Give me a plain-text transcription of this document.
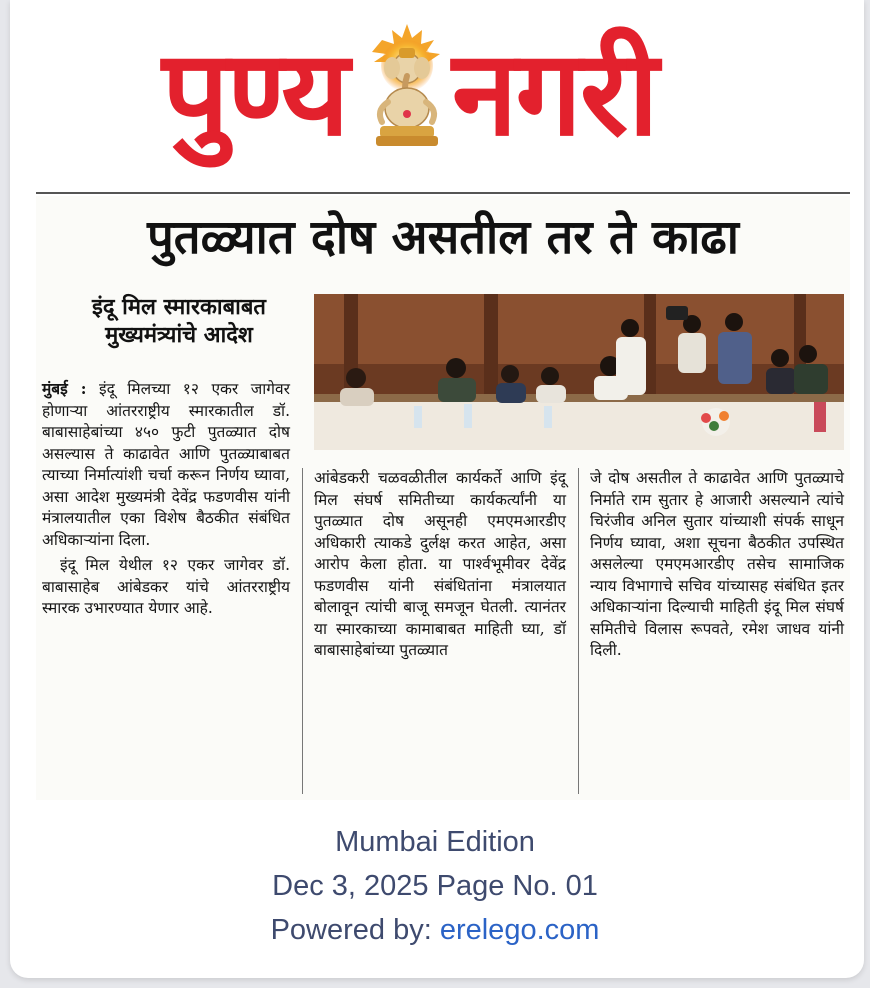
पुण्य नगरी
पुतळ्यात दोष असतील तर ते काढा
इंदू मिल स्मारकाबाबत
मुख्यमंत्र्यांचे आदेश

मुंबई : इंदू मिलच्या १२ एकर जागेवर होणाऱ्या आंतरराष्ट्रीय स्मारकातील डॉ. बाबासाहेबांच्या ४५० फुटी पुतळ्यात दोष असल्यास ते काढावेत आणि पुतळ्याबाबत त्याच्या निर्मात्यांशी चर्चा करून निर्णय घ्यावा, असा आदेश मुख्यमंत्री देवेंद्र फडणवीस यांनी मंत्रालयातील एका विशेष बैठकीत संबंधित अधिकाऱ्यांना दिला.

इंदू मिल येथील १२ एकर जागेवर डॉ. बाबासाहेब आंबेडकर यांचे आंतरराष्ट्रीय स्मारक उभारण्यात येणार आहे.

आंबेडकरी चळवळीतील कार्यकर्ते आणि इंदू मिल संघर्ष समितीच्या कार्यकर्त्यांनी या पुतळ्यात दोष असूनही एमएमआरडीए अधिकारी त्याकडे दुर्लक्ष करत आहेत, असा आरोप केला होता. या पार्श्वभूमीवर देवेंद्र फडणवीस यांनी संबंधितांना मंत्रालयात बोलावून त्यांची बाजू समजून घेतली. त्यानंतर या स्मारकाच्या कामाबाबत माहिती घ्या, डॉ बाबासाहेबांच्या पुतळ्यात
जे दोष असतील ते काढावेत आणि पुतळ्याचे निर्माते राम सुतार हे आजारी असल्याने त्यांचे चिरंजीव अनिल सुतार यांच्याशी संपर्क साधून निर्णय घ्यावा, अशा सूचना बैठकीत उपस्थित असलेल्या एमएमआरडीए तसेच सामाजिक न्याय विभागाचे सचिव यांच्यासह संबंधित इतर अधिकाऱ्यांना दिल्याची माहिती इंदू मिल संघर्ष समितीचे विलास रूपवते, रमेश जाधव यांनी दिली.
Mumbai Edition
Dec 3, 2025 Page No. 01
Powered by: erelego.com
